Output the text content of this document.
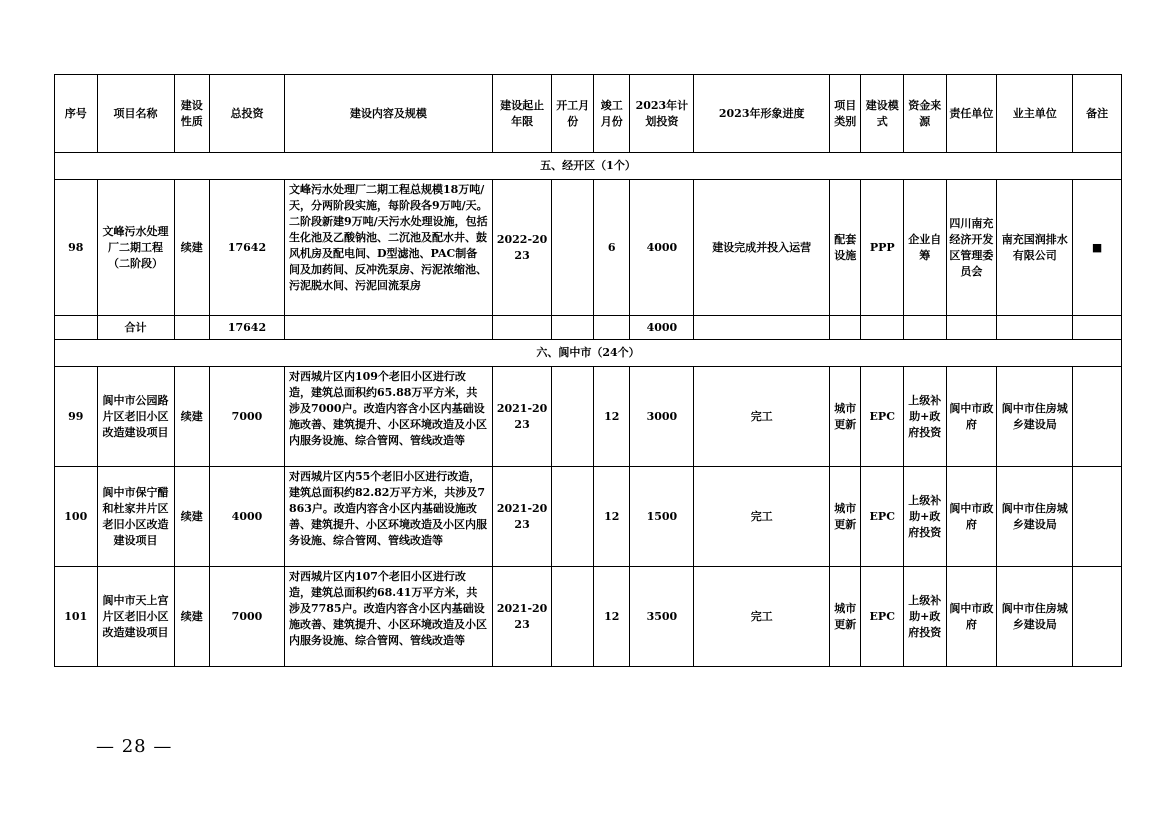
序号	项目名称	建设性质	总投资	建设内容及规模	建设起止年限	开工月份	竣工月份	2023年计划投资	2023年形象进度	项目类别	建设模式	资金来源	责任单位	业主单位	备注
五、经开区（1个）															
98	文峰污水处理厂二期工程（二阶段）	续建	17642	文峰污水处理厂二期工程总规模18万吨/天，分两阶段实施，每阶段各9万吨/天。二阶段新建9万吨/天污水处理设施，包括生化池及乙酸钠池、二沉池及配水井、鼓风机房及配电间、D型滤池、PAC制备间及加药间、反冲洗泵房、污泥浓缩池、污泥脱水间、污泥回流泵房	2022-2023		6	4000	建设完成并投入运营	配套设施	PPP	企业自筹	四川南充经济开发区管理委员会	南充国润排水有限公司	■
	合计		17642					4000							
六、阆中市（24个）															
99	阆中市公园路片区老旧小区改造建设项目	续建	7000	对西城片区内109个老旧小区进行改造，建筑总面积约65.88万平方米，共涉及7000户。改造内容含小区内基础设施改善、建筑提升、小区环境改造及小区内服务设施、综合管网、管线改造等	2021-2023		12	3000	完工	城市更新	EPC	上级补助+政府投资	阆中市政府	阆中市住房城乡建设局	
100	阆中市保宁醋和杜家井片区老旧小区改造建设项目	续建	4000	对西城片区内55个老旧小区进行改造，建筑总面积约82.82万平方米，共涉及7863户。改造内容含小区内基础设施改善、建筑提升、小区环境改造及小区内服务设施、综合管网、管线改造等	2021-2023		12	1500	完工	城市更新	EPC	上级补助+政府投资	阆中市政府	阆中市住房城乡建设局	
101	阆中市天上宫片区老旧小区改造建设项目	续建	7000	对西城片区内107个老旧小区进行改造，建筑总面积约68.41万平方米，共涉及7785户。改造内容含小区内基础设施改善、建筑提升、小区环境改造及小区内服务设施、综合管网、管线改造等	2021-2023		12	3500	完工	城市更新	EPC	上级补助+政府投资	阆中市政府	阆中市住房城乡建设局	
— 28 —
